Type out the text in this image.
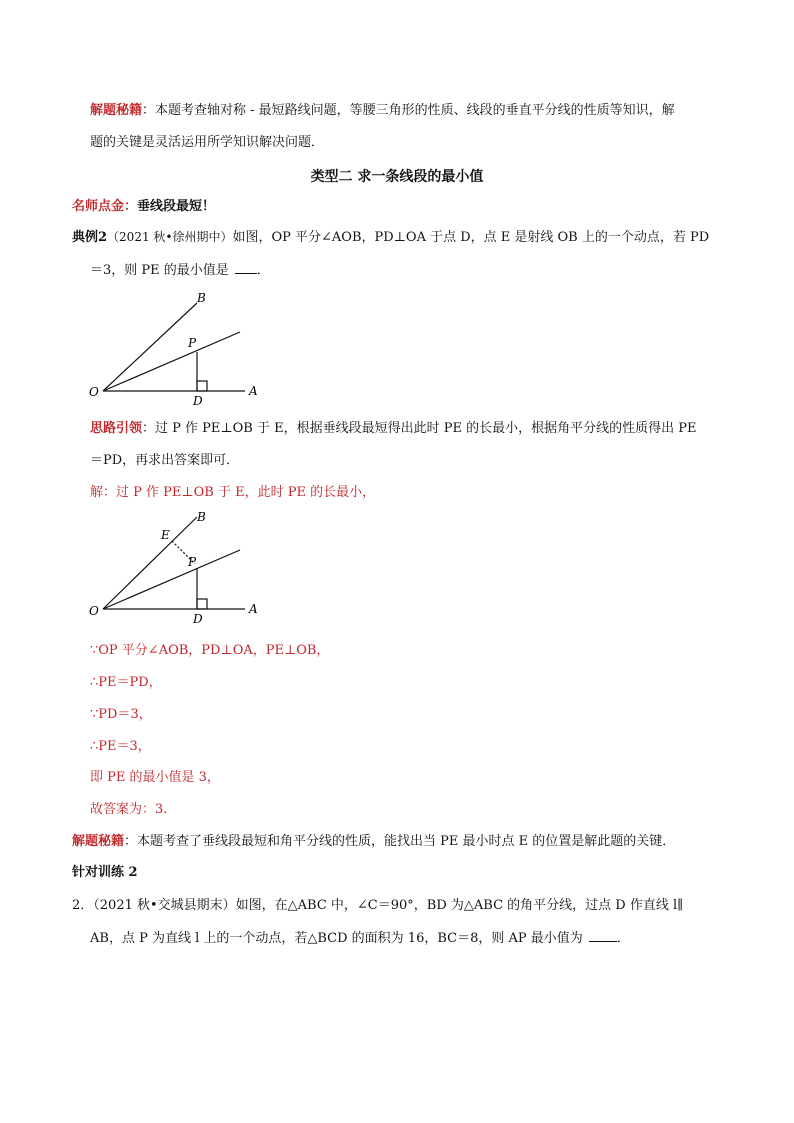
解题秘籍：本题考查轴对称 - 最短路线问题，等腰三角形的性质、线段的垂直平分线的性质等知识，解
题的关键是灵活运用所学知识解决问题．
类型二 求一条线段的最小值
名师点金：垂线段最短！
典例2（2021 秋•徐州期中）如图，OP 平分∠AOB，PD⊥OA 于点 D，点 E 是射线 OB 上的一个动点，若 PD
＝3，则 PE 的最小值是 ．
B
P
O
D
A
思路引领：过 P 作 PE⊥OB 于 E，根据垂线段最短得出此时 PE 的长最小，根据角平分线的性质得出 PE
＝PD，再求出答案即可．
解：过 P 作 PE⊥OB 于 E，此时 PE 的长最小，
B
E
P
O
D
A
∵OP 平分∠AOB，PD⊥OA，PE⊥OB，
∴PE＝PD，
∵PD＝3，
∴PE＝3，
即 PE 的最小值是 3，
故答案为：3．
解题秘籍：本题考查了垂线段最短和角平分线的性质，能找出当 PE 最小时点 E 的位置是解此题的关键．
针对训练 2
2．（2021 秋•交城县期末）如图，在△ABC 中，∠C＝90°，BD 为△ABC 的角平分线，过点 D 作直线 l∥
AB，点 P 为直线 l 上的一个动点，若△BCD 的面积为 16，BC＝8，则 AP 最小值为	．
